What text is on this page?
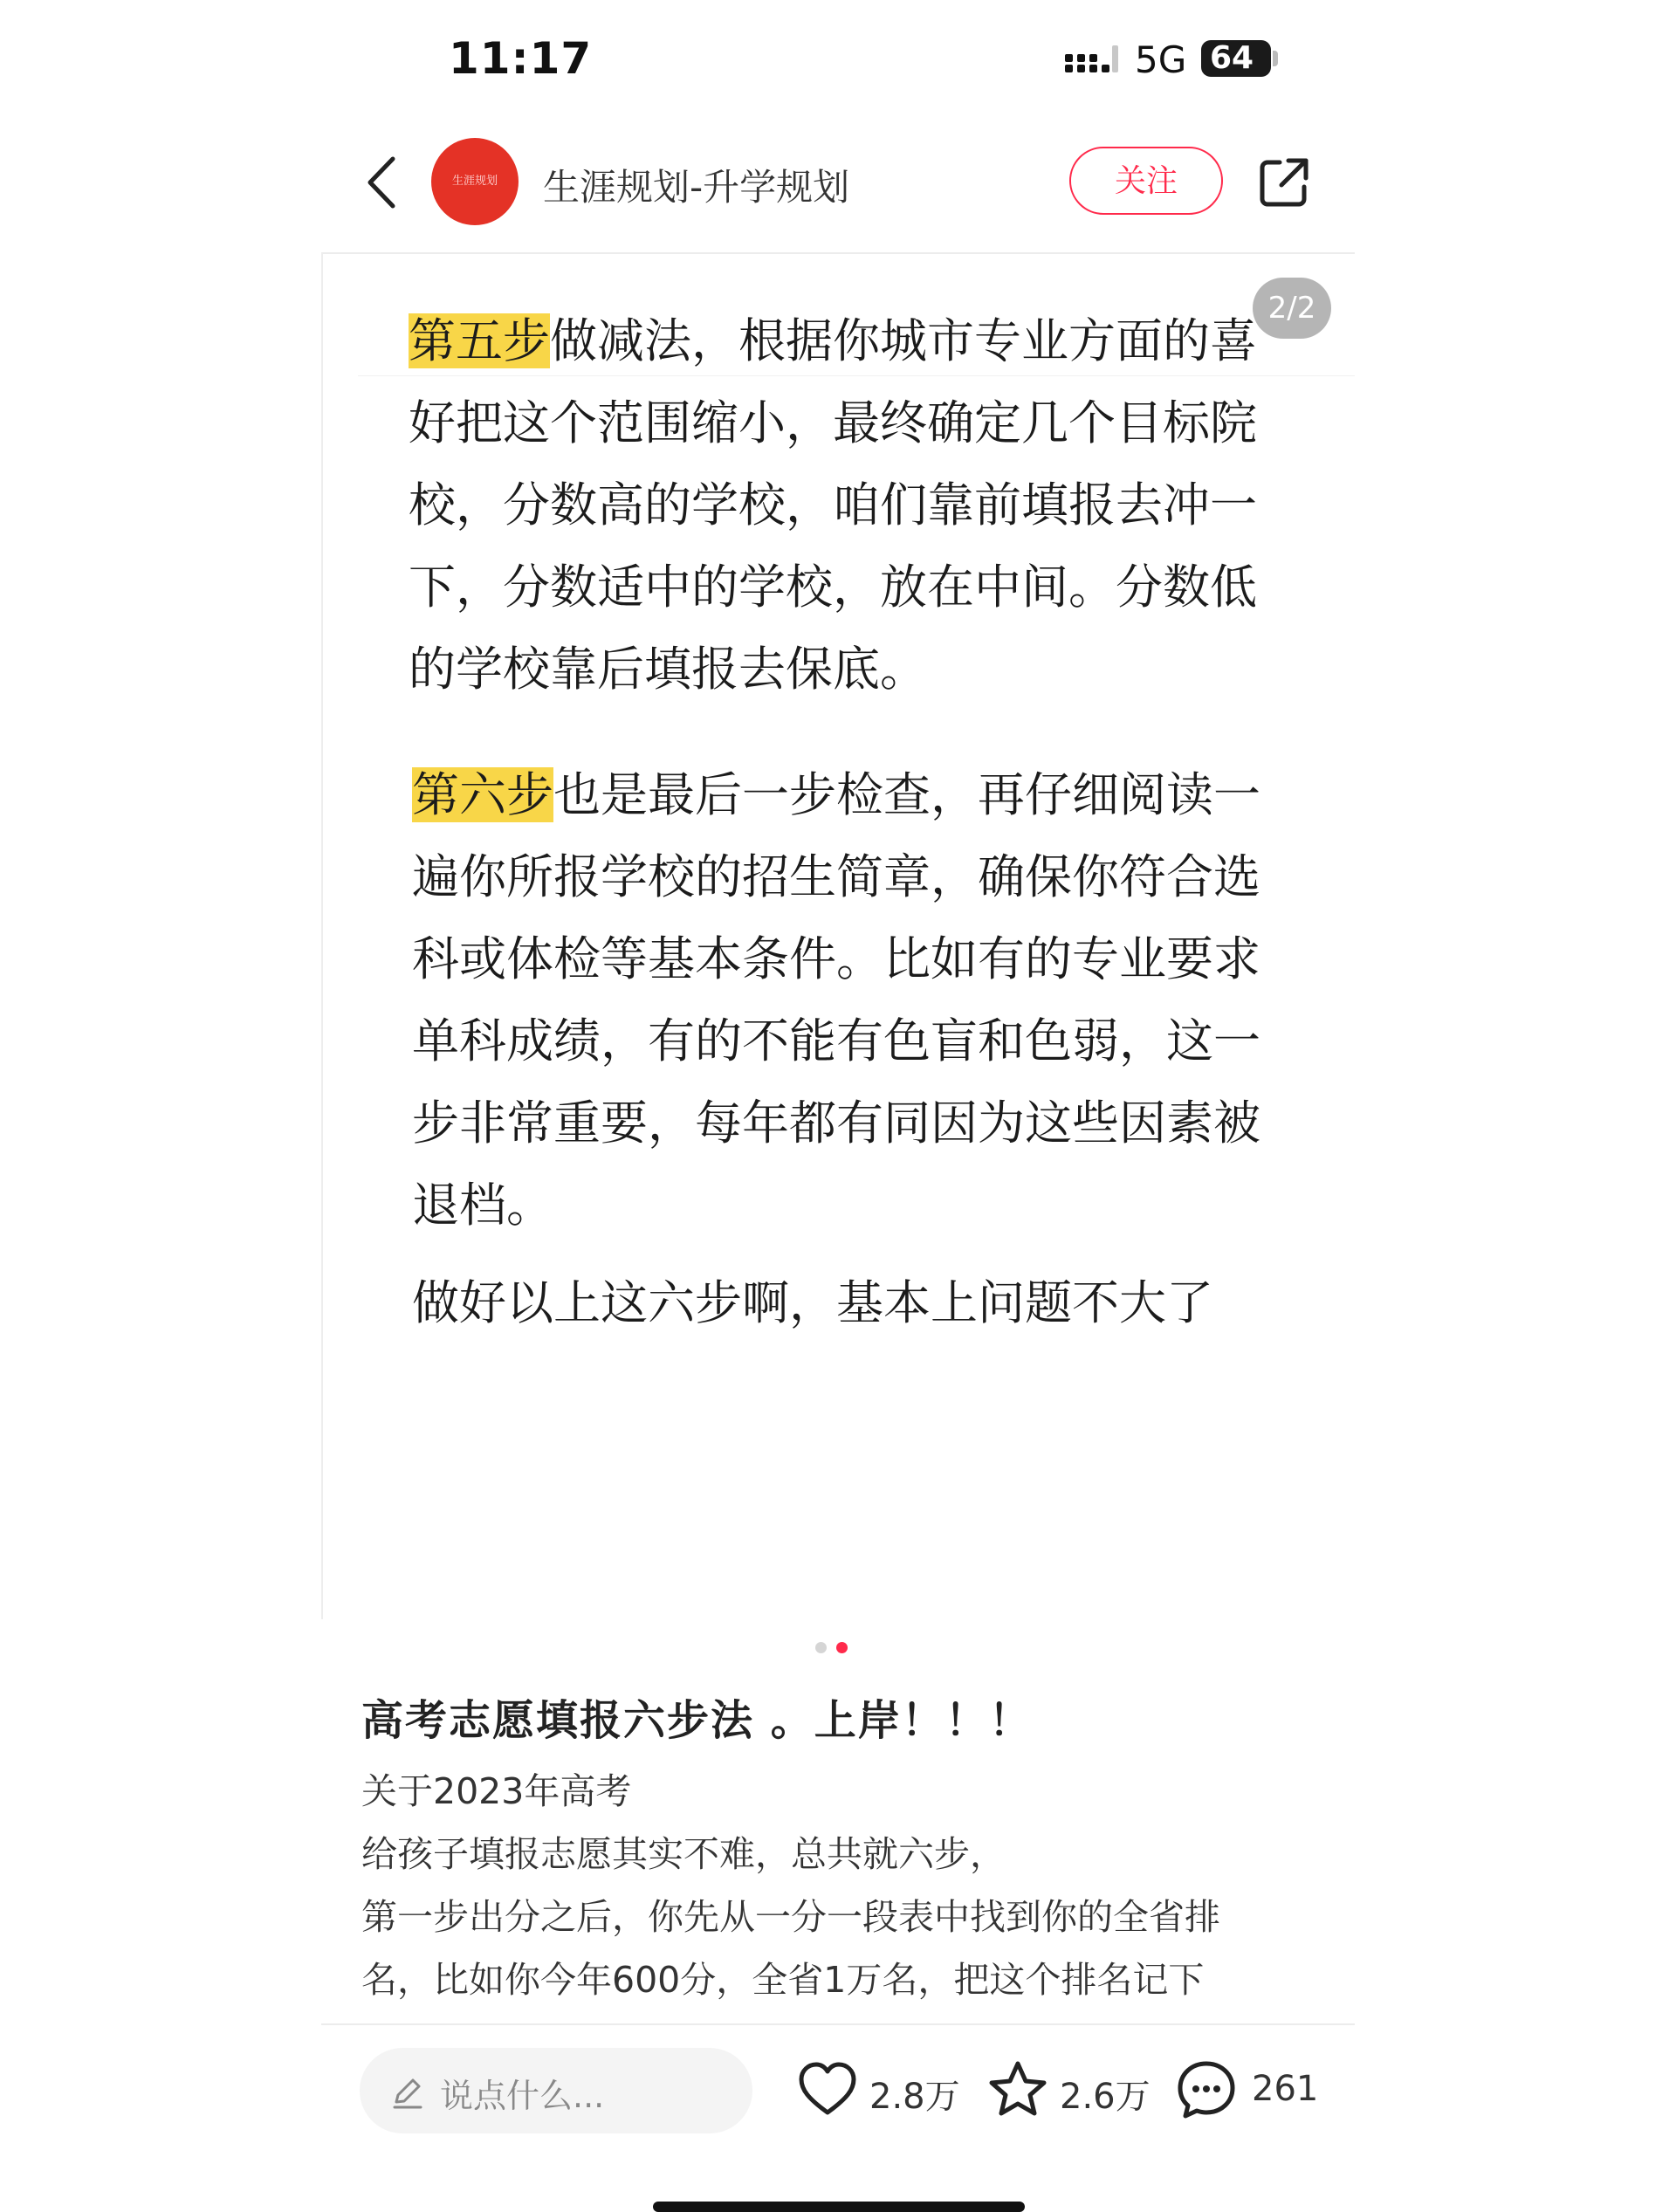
11:17	5G 64
生涯规划	生涯规划-升学规划	关注
2/2
第五步做减法，根据你城市专业方面的喜
好把这个范围缩小，最终确定几个目标院
校，分数高的学校，咱们靠前填报去冲一
下，分数适中的学校，放在中间。分数低
的学校靠后填报去保底。
第六步也是最后一步检查，再仔细阅读一
遍你所报学校的招生简章，确保你符合选
科或体检等基本条件。比如有的专业要求
单科成绩，有的不能有色盲和色弱，这一
步非常重要，每年都有同因为这些因素被
退档。
做好以上这六步啊，基本上问题不大了
高考志愿填报六步法 。上岸！！！
关于2023年高考
给孩子填报志愿其实不难，总共就六步，
第一步出分之后，你先从一分一段表中找到你的全省排
名，比如你今年600分，全省1万名，把这个排名记下
说点什么...	2.8万	2.6万	261
